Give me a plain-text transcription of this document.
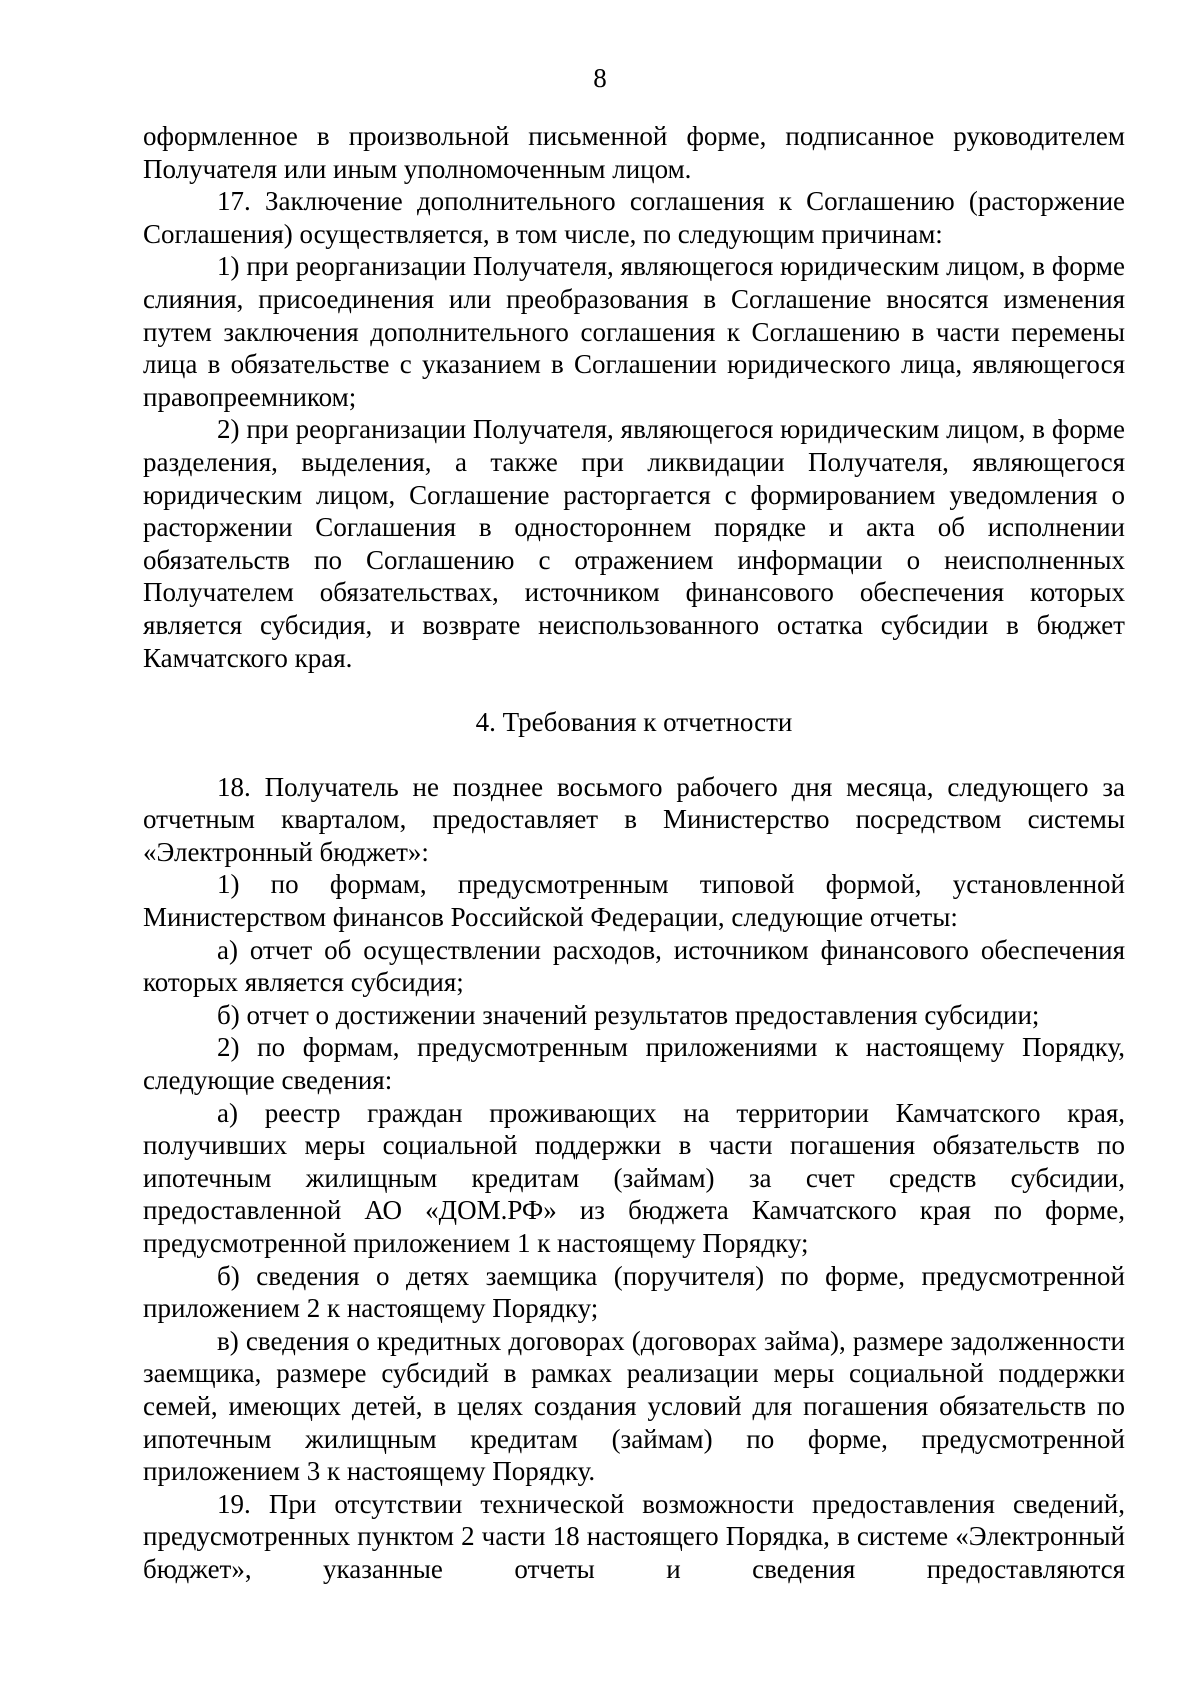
8

оформленное в произвольной письменной форме, подписанное руководителем Получателя или иным уполномоченным лицом.

17. Заключение дополнительного соглашения к Соглашению (расторжение Соглашения) осуществляется, в том числе, по следующим причинам:

1) при реорганизации Получателя, являющегося юридическим лицом, в форме слияния, присоединения или преобразования в Соглашение вносятся изменения путем заключения дополнительного соглашения к Соглашению в части перемены лица в обязательстве с указанием в Соглашении юридического лица, являющегося правопреемником;

2) при реорганизации Получателя, являющегося юридическим лицом, в форме разделения, выделения, а также при ликвидации Получателя, являющегося юридическим лицом, Соглашение расторгается с формированием уведомления о расторжении Соглашения в одностороннем порядке и акта об исполнении обязательств по Соглашению с отражением информации о неисполненных Получателем обязательствах, источником финансового обеспечения которых является субсидия, и возврате неиспользованного остатка субсидии в бюджет Камчатского края.

4. Требования к отчетности

18. Получатель не позднее восьмого рабочего дня месяца, следующего за отчетным кварталом, предоставляет в Министерство посредством системы «Электронный бюджет»:

1) по формам, предусмотренным типовой формой, установленной Министерством финансов Российской Федерации, следующие отчеты:

а) отчет об осуществлении расходов, источником финансового обеспечения которых является субсидия;

б) отчет о достижении значений результатов предоставления субсидии;

2) по формам, предусмотренным приложениями к настоящему Порядку, следующие сведения:

а) реестр граждан проживающих на территории Камчатского края, получивших меры социальной поддержки в части погашения обязательств по ипотечным жилищным кредитам (займам) за счет средств субсидии, предоставленной АО «ДОМ.РФ» из бюджета Камчатского края по форме, предусмотренной приложением 1 к настоящему Порядку;

б) сведения о детях заемщика (поручителя) по форме, предусмотренной приложением 2 к настоящему Порядку;

в) сведения о кредитных договорах (договорах займа), размере задолженности заемщика, размере субсидий в рамках реализации меры социальной поддержки семей, имеющих детей, в целях создания условий для погашения обязательств по ипотечным жилищным кредитам (займам) по форме, предусмотренной приложением 3 к настоящему Порядку.

19. При отсутствии технической возможности предоставления сведений, предусмотренных пунктом 2 части 18 настоящего Порядка, в системе «Электронный бюджет», указанные отчеты и сведения предоставляются
